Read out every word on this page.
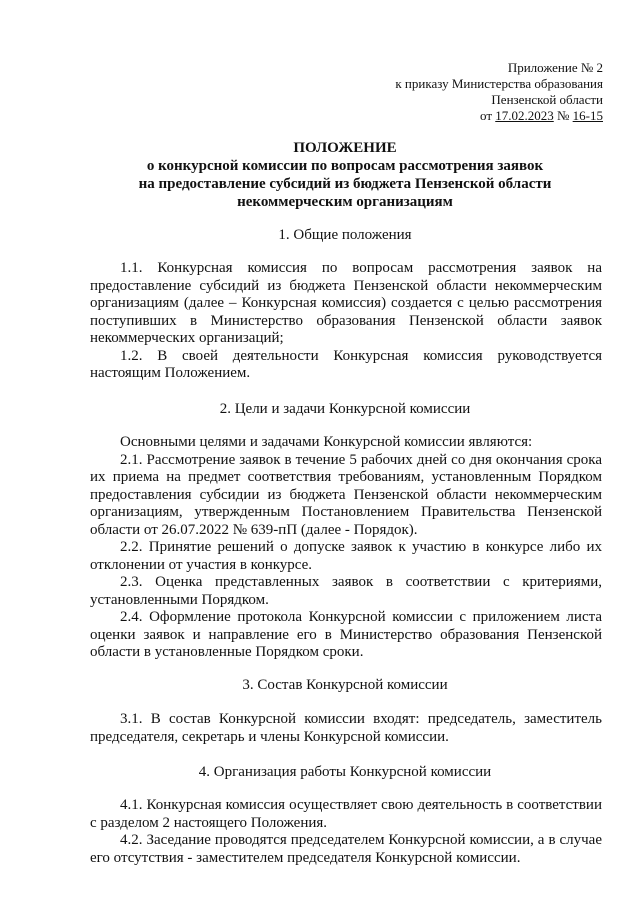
Приложение № 2
к приказу Министерства образования
Пензенской области
от 17.02.2023 № 16-15
ПОЛОЖЕНИЕ
о конкурсной комиссии по вопросам рассмотрения заявок
на предоставление субсидий из бюджета Пензенской области
некоммерческим организациям
1. Общие положения

1.1. Конкурсная комиссия по вопросам рассмотрения заявок на предоставление субсидий из бюджета Пензенской области некоммерческим организациям (далее – Конкурсная комиссия) создается с целью рассмотрения поступивших в Министерство образования Пензенской области заявок некоммерческих организаций;

1.2. В своей деятельности Конкурсная комиссия руководствуется настоящим Положением.

2. Цели и задачи Конкурсной комиссии

Основными целями и задачами Конкурсной комиссии являются:

2.1. Рассмотрение заявок в течение 5 рабочих дней со дня окончания срока их приема на предмет соответствия требованиям, установленным Порядком предоставления субсидии из бюджета Пензенской области некоммерческим организациям, утвержденным Постановлением Правительства Пензенской области от 26.07.2022 № 639-пП (далее - Порядок).

2.2. Принятие решений о допуске заявок к участию в конкурсе либо их отклонении от участия в конкурсе.

2.3. Оценка представленных заявок в соответствии с критериями, установленными Порядком.

2.4. Оформление протокола Конкурсной комиссии с приложением листа оценки заявок и направление его в Министерство образования Пензенской области в установленные Порядком сроки.

3. Состав Конкурсной комиссии

3.1. В состав Конкурсной комиссии входят: председатель, заместитель председателя, секретарь и члены Конкурсной комиссии.

4. Организация работы Конкурсной комиссии

4.1. Конкурсная комиссия осуществляет свою деятельность в соответствии с разделом 2 настоящего Положения.

4.2. Заседание проводятся председателем Конкурсной комиссии, а в случае его отсутствия - заместителем председателя Конкурсной комиссии.
